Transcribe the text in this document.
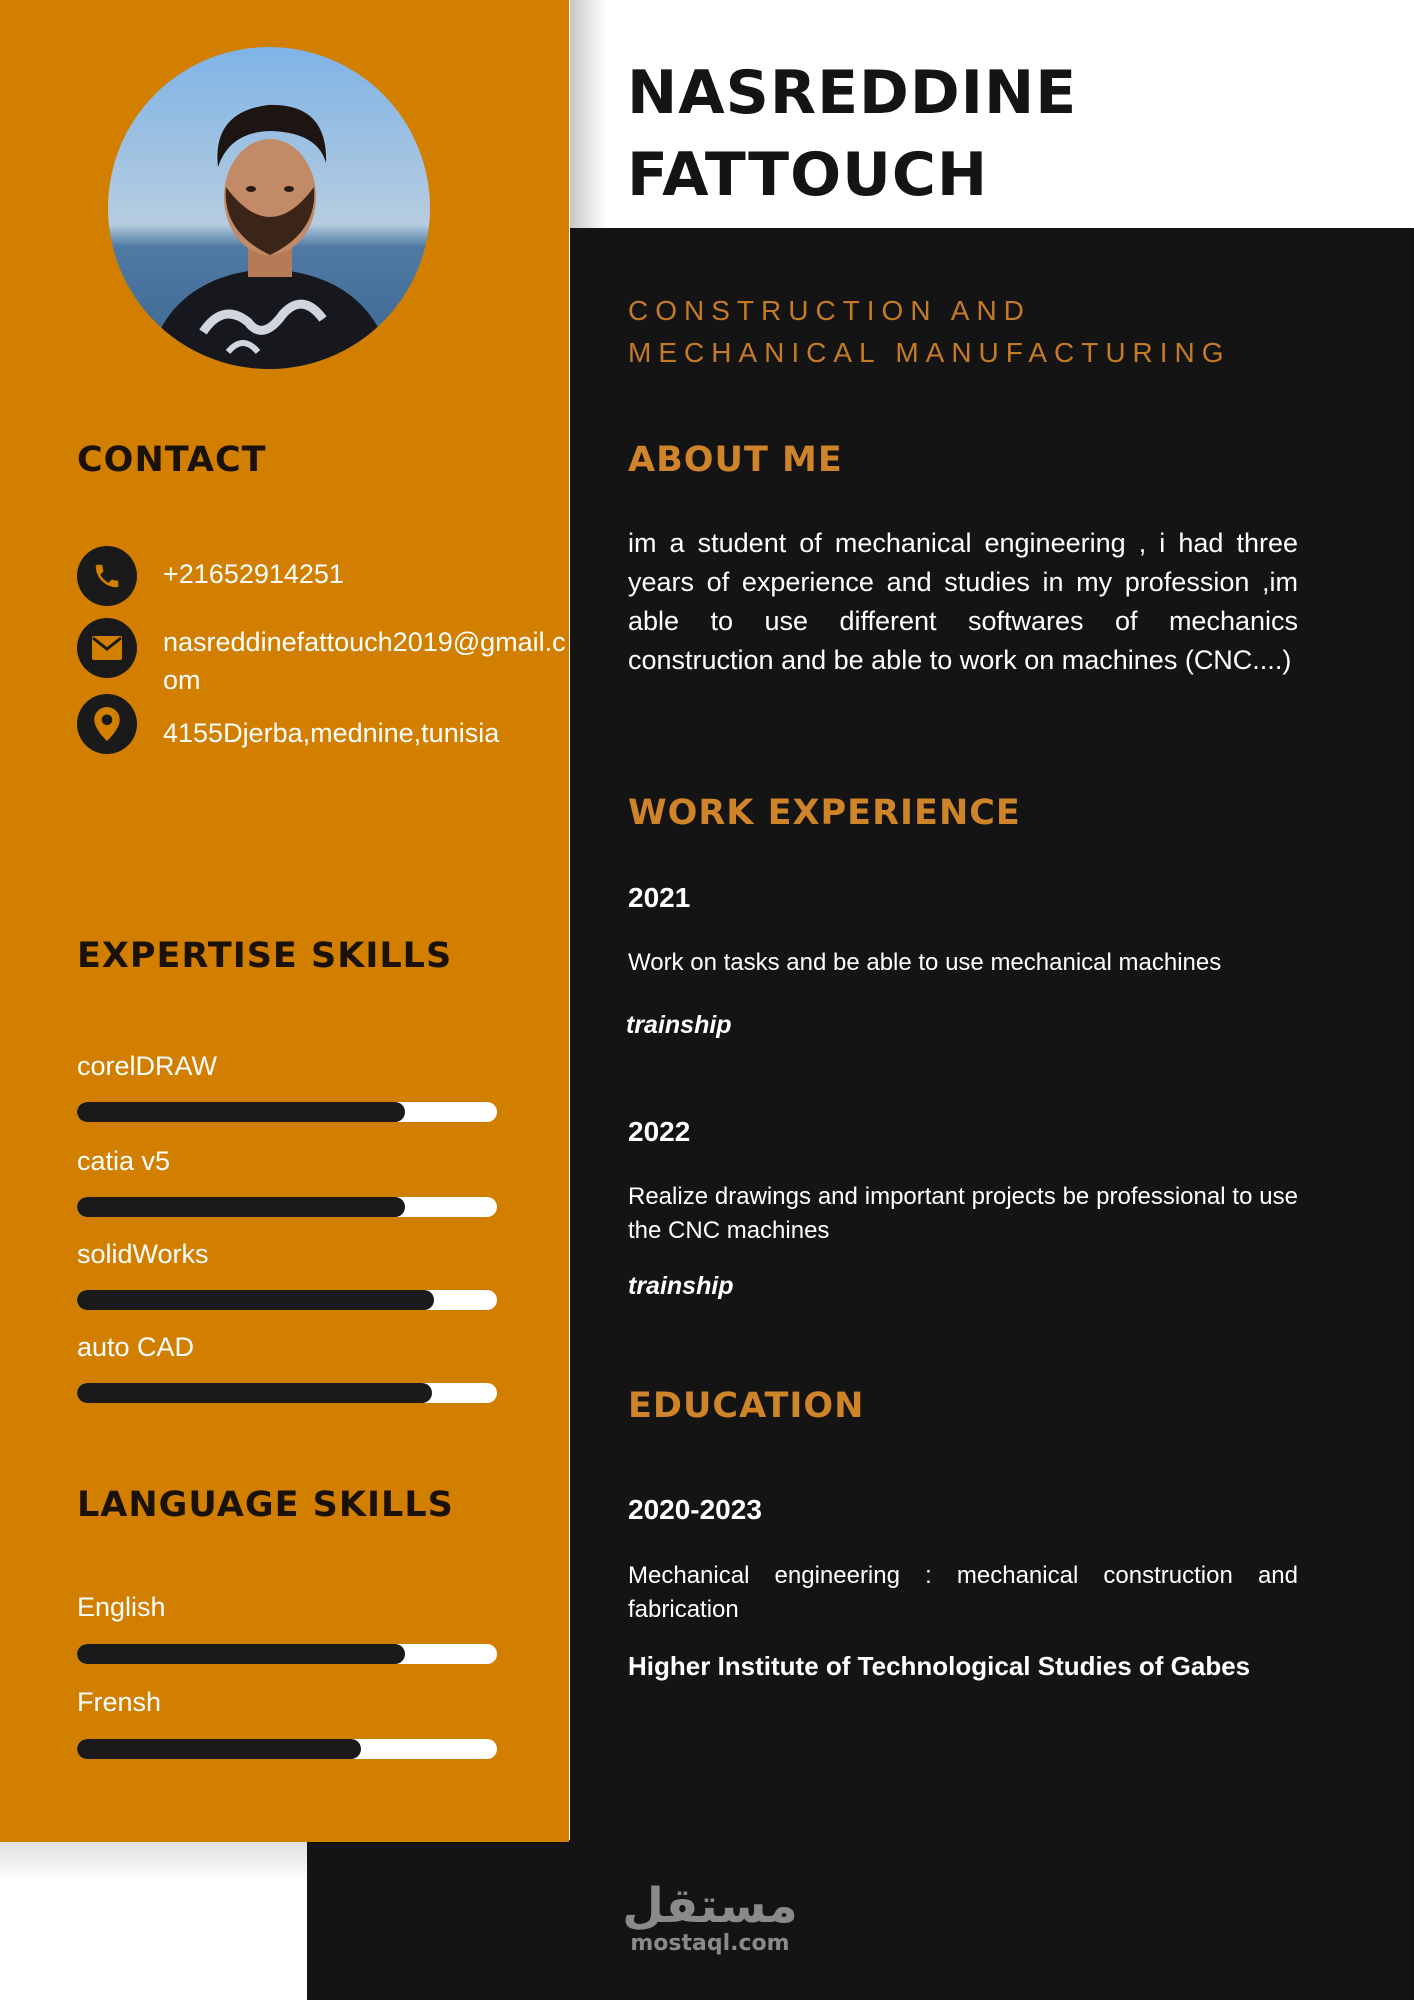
CONTACT
+21652914251
nasreddinefattouch2019@gmail.com
4155Djerba,mednine,tunisia
EXPERTISE SKILLS
corelDRAW
catia v5
solidWorks
auto CAD
LANGUAGE SKILLS
English
Frensh
NASREDDINE
FATTOUCH
CONSTRUCTION AND
MECHANICAL MANUFACTURING
ABOUT ME

im a student of mechanical engineering , i had three years of experience and studies in my profession ,im able to use different softwares of mechanics construction and be able to work on machines (CNC....)

WORK EXPERIENCE
2021

Work on tasks and be able to use mechanical machines

trainship
2022

Realize drawings and important projects be professional to use the CNC machines

trainship
EDUCATION
2020-2023

Mechanical engineering : mechanical construction and fabrication

Higher Institute of Technological Studies of Gabes
مستقل
mostaql.com
